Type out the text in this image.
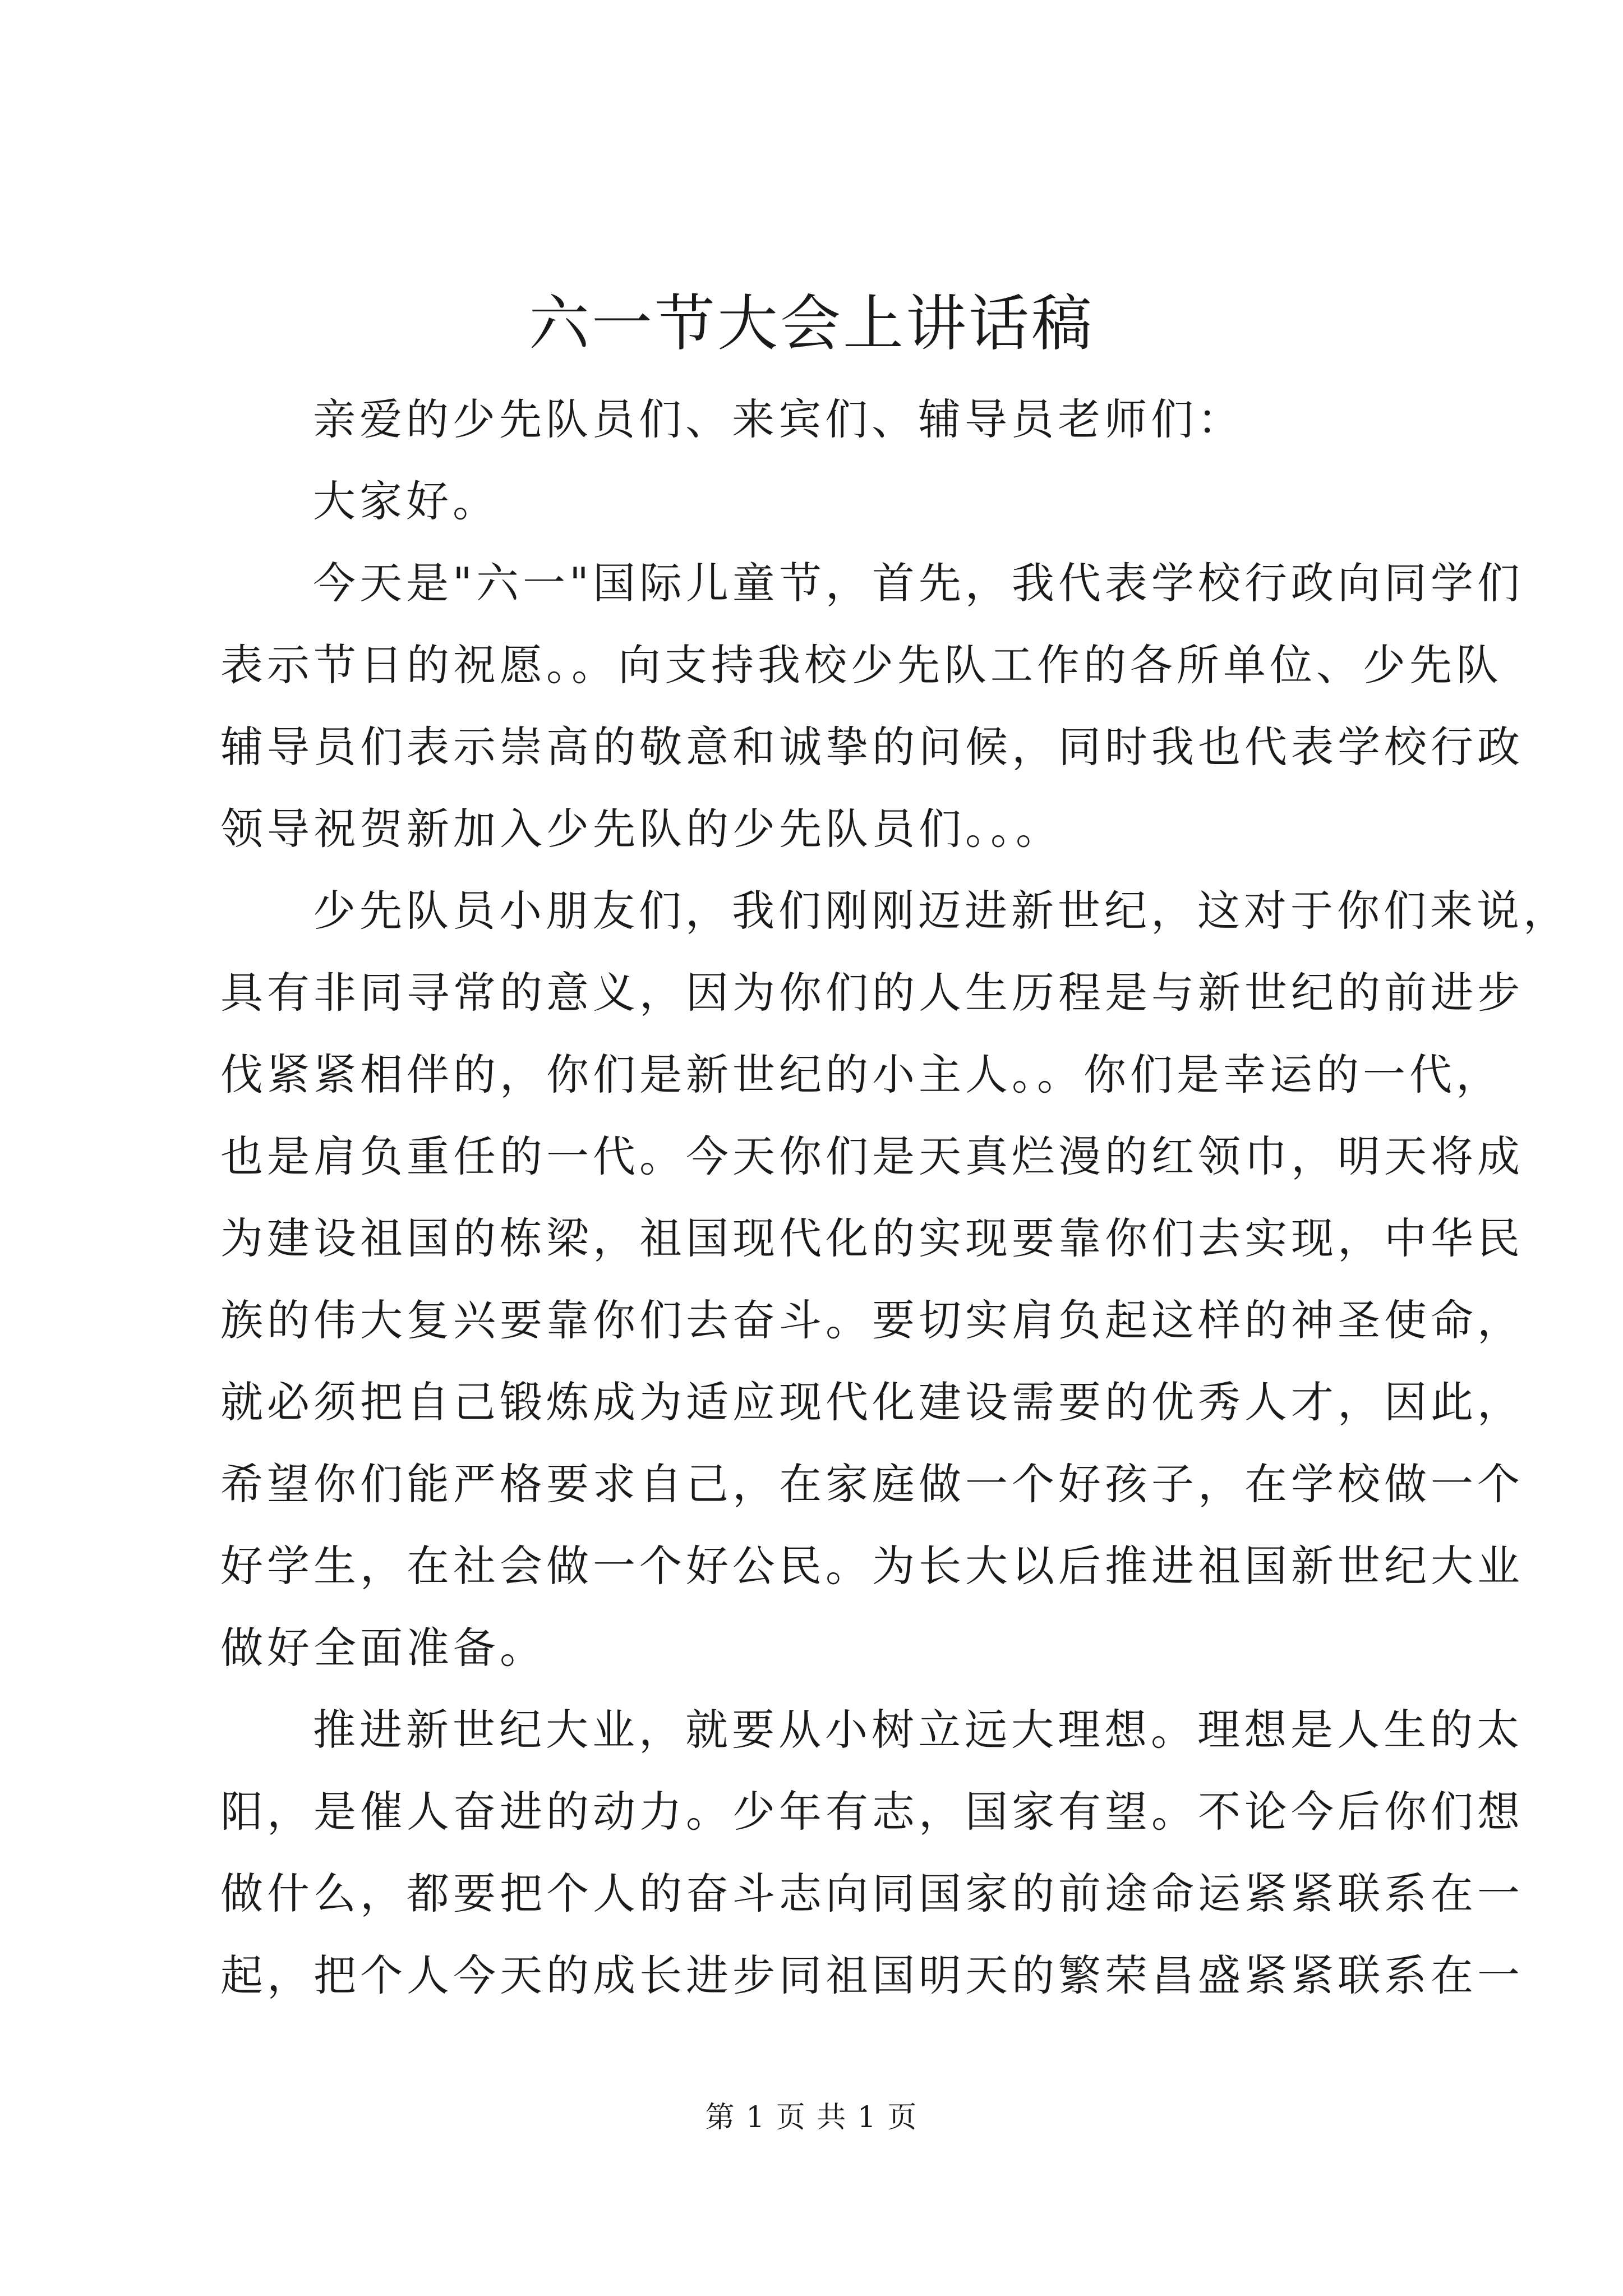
六一节大会上讲话稿
亲爱的少先队员们、来宾们、辅导员老师们：
大家好。
今天是"六一"国际儿童节，首先，我代表学校行政向同学们
表示节日的祝愿。。向支持我校少先队工作的各所单位、少先队
辅导员们表示崇高的敬意和诚挚的问候，同时我也代表学校行政
领导祝贺新加入少先队的少先队员们。。。
少先队员小朋友们，我们刚刚迈进新世纪，这对于你们来说，
具有非同寻常的意义，因为你们的人生历程是与新世纪的前进步
伐紧紧相伴的，你们是新世纪的小主人。。你们是幸运的一代，
也是肩负重任的一代。今天你们是天真烂漫的红领巾，明天将成
为建设祖国的栋梁，祖国现代化的实现要靠你们去实现，中华民
族的伟大复兴要靠你们去奋斗。要切实肩负起这样的神圣使命，
就必须把自己锻炼成为适应现代化建设需要的优秀人才，因此，
希望你们能严格要求自己，在家庭做一个好孩子，在学校做一个
好学生，在社会做一个好公民。为长大以后推进祖国新世纪大业
做好全面准备。
推进新世纪大业，就要从小树立远大理想。理想是人生的太
阳，是催人奋进的动力。少年有志，国家有望。不论今后你们想
做什么，都要把个人的奋斗志向同国家的前途命运紧紧联系在一
起，把个人今天的成长进步同祖国明天的繁荣昌盛紧紧联系在一
第 1 页 共 1 页
